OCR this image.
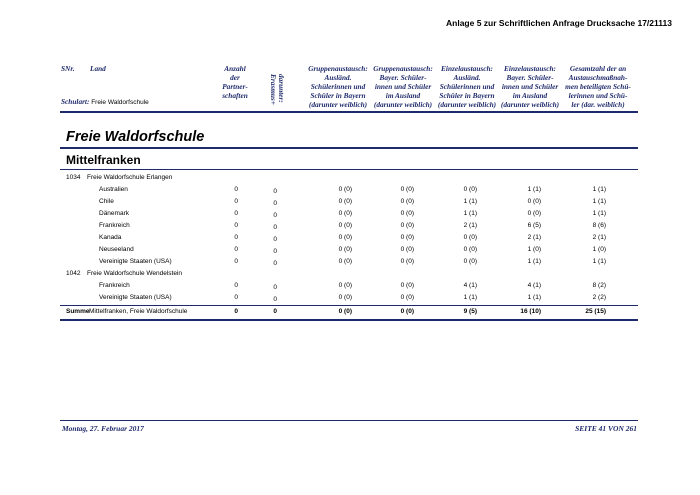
Anlage 5 zur Schriftlichen Anfrage Drucksache 17/21113
SNr. Land
Schulart: Freie Waldorfschule
Anzahl
der
Partner-
schaften	darunter:
Erasmus+
Gruppenaustausch:
Ausländ.
Schülerinnen und
Schüler in Bayern
(darunter weiblich)
Gruppenaustausch:
Bayer. Schüler-
innen und Schüler
im Ausland
(darunter weiblich)
Einzelaustausch:
Ausländ.
Schülerinnen und
Schüler in Bayern
(darunter weiblich)
Einzelaustausch:
Bayer. Schüler-
innen und Schüler
im Ausland
(darunter weiblich)
Gesamtzahl der an
Austauschmaßnah-
men beteiligten Schü-
lerinnen und Schü-
ler (dar. weiblich)
Freie Waldorfschule
Mittelfranken
1034 Freie Waldorfschule Erlangen
Australien	0	0	0 (0)	0 (0)	0 (0)	1 (1)	1 (1)
Chile	0	0	0 (0)	0 (0)	1 (1)	0 (0)	1 (1)
Dänemark	0	0	0 (0)	0 (0)	1 (1)	0 (0)	1 (1)
Frankreich	0	0	0 (0)	0 (0)	2 (1)	6 (5)	8 (6)
Kanada	0	0	0 (0)	0 (0)	0 (0)	2 (1)	2 (1)
Neuseeland	0	0	0 (0)	0 (0)	0 (0)	1 (0)	1 (0)
Vereinigte Staaten (USA)	0	0	0 (0)	0 (0)	0 (0)	1 (1)	1 (1)
1042 Freie Waldorfschule Wendelstein
Frankreich	0	0	0 (0)	0 (0)	4 (1)	4 (1)	8 (2)
Vereinigte Staaten (USA)	0	0	0 (0)	0 (0)	1 (1)	1 (1)	2 (2)
Summe Mittelfranken, Freie Waldorfschule	0	0	0 (0)	0 (0)	9 (5)	16 (10)	25 (15)
Montag, 27. Februar 2017	SEITE 41 VON 261
